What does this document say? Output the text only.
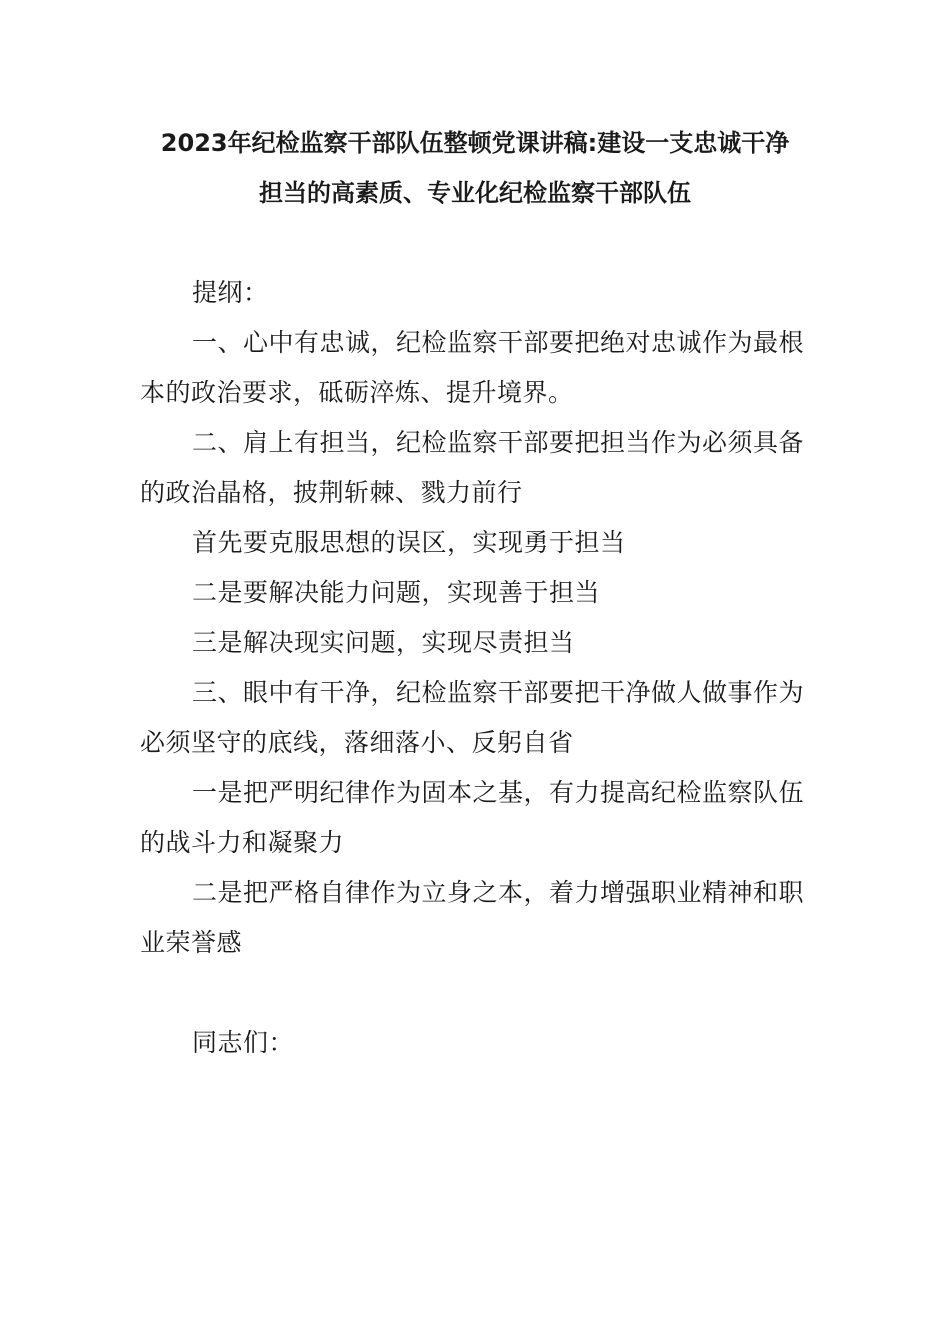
2023年纪检监察干部队伍整顿党课讲稿:建设一支忠诚干净
担当的高素质、专业化纪检监察干部队伍

提纲：

一、心中有忠诚，纪检监察干部要把绝对忠诚作为最根本的政治要求，砥砺淬炼、提升境界。

二、肩上有担当，纪检监察干部要把担当作为必须具备的政治晶格，披荆斩棘、戮力前行

首先要克服思想的误区，实现勇于担当

二是要解决能力问题，实现善于担当

三是解决现实问题，实现尽责担当

三、眼中有干净，纪检监察干部要把干净做人做事作为必须坚守的底线，落细落小、反躬自省

一是把严明纪律作为固本之基，有力提高纪检监察队伍的战斗力和凝聚力

二是把严格自律作为立身之本，着力增强职业精神和职业荣誉感

同志们：
